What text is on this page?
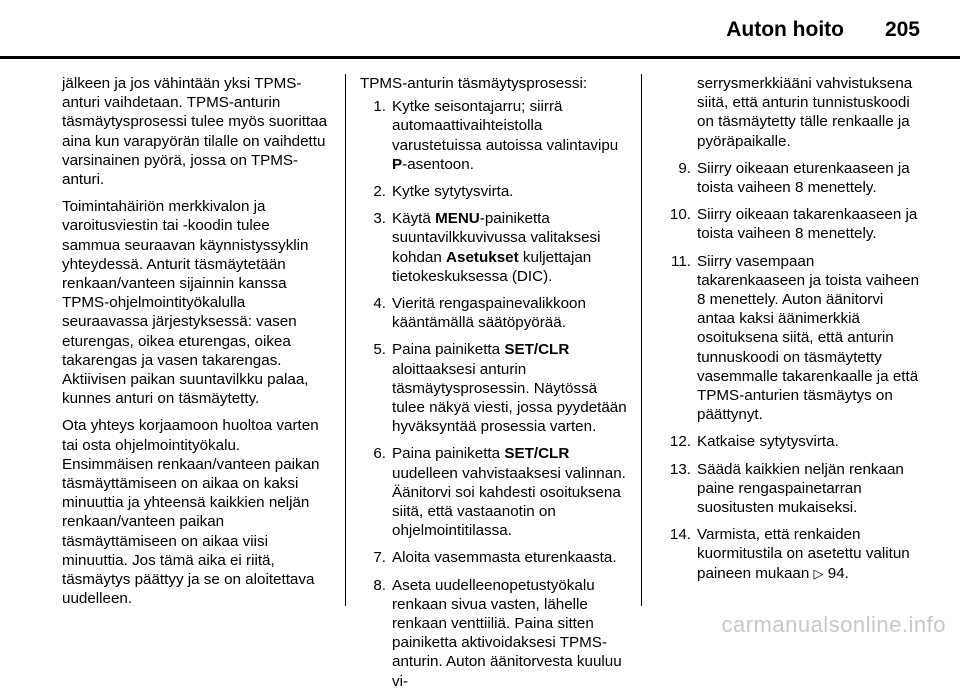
Auton hoito 205

jälkeen ja jos vähintään yksi TPMS-anturi vaihdetaan. TPMS-anturin täsmäytysprosessi tulee myös suorittaa aina kun varapyörän tilalle on vaihdettu varsinainen pyörä, jossa on TPMS-anturi.

Toimintahäiriön merkkivalon ja varoitusviestin tai -koodin tulee sammua seuraavan käynnistyssyklin yhteydessä. Anturit täsmäytetään renkaan/vanteen sijainnin kanssa TPMS-ohjelmointityökalulla seuraavassa järjestyksessä: vasen eturengas, oikea eturengas, oikea takarengas ja vasen takarengas. Aktiivisen paikan suuntavilkku palaa, kunnes anturi on täsmäytetty.

Ota yhteys korjaamoon huoltoa varten tai osta ohjelmointityökalu. Ensimmäisen renkaan/vanteen paikan täsmäyttämiseen on aikaa on kaksi minuuttia ja yhteensä kaikkien neljän renkaan/vanteen paikan täsmäyttämiseen on aikaa viisi minuuttia. Jos tämä aika ei riitä, täsmäytys päättyy ja se on aloitettava uudelleen.

TPMS-anturin täsmäytysprosessi:

1. Kytke seisontajarru; siirrä automaattivaihteistolla varustetuissa autoissa valintavipu P-asentoon.
2. Kytke sytytysvirta.
3. Käytä MENU-painiketta suuntavilkkuvivussa valitaksesi kohdan Asetukset kuljettajan tietokeskuksessa (DIC).
4. Vieritä rengaspainevalikkoon kääntämällä säätöpyörää.
5. Paina painiketta SET/CLR aloittaaksesi anturin täsmäytysprosessin. Näytössä tulee näkyä viesti, jossa pyydetään hyväksyntää prosessia varten.
6. Paina painiketta SET/CLR uudelleen vahvistaaksesi valinnan. Äänitorvi soi kahdesti osoituksena siitä, että vastaanotin on ohjelmointitilassa.
7. Aloita vasemmasta eturenkaasta.
8. Aseta uudelleenopetustyökalu renkaan sivua vasten, lähelle renkaan venttiiliä. Paina sitten painiketta aktivoidaksesi TPMS-anturin. Auton äänitorvesta kuuluu vi-
serrysmerkkiääni vahvistuksena siitä, että anturin tunnistuskoodi on täsmäytetty tälle renkaalle ja pyöräpaikalle.
9. Siirry oikeaan eturenkaaseen ja toista vaiheen 8 menettely.
10. Siirry oikeaan takarenkaaseen ja toista vaiheen 8 menettely.
11. Siirry vasempaan takarenkaaseen ja toista vaiheen 8 menettely. Auton äänitorvi antaa kaksi äänimerkkiä osoituksena siitä, että anturin tunnuskoodi on täsmäytetty vasemmalle takarenkaalle ja että TPMS-anturien täsmäytys on päättynyt.
12. Katkaise sytytysvirta.
13. Säädä kaikkien neljän renkaan paine rengaspainetarran suositusten mukaiseksi.
14. Varmista, että renkaiden kuormitustila on asetettu valitun paineen mukaan ▷ 94.
carmanualsonline.info
